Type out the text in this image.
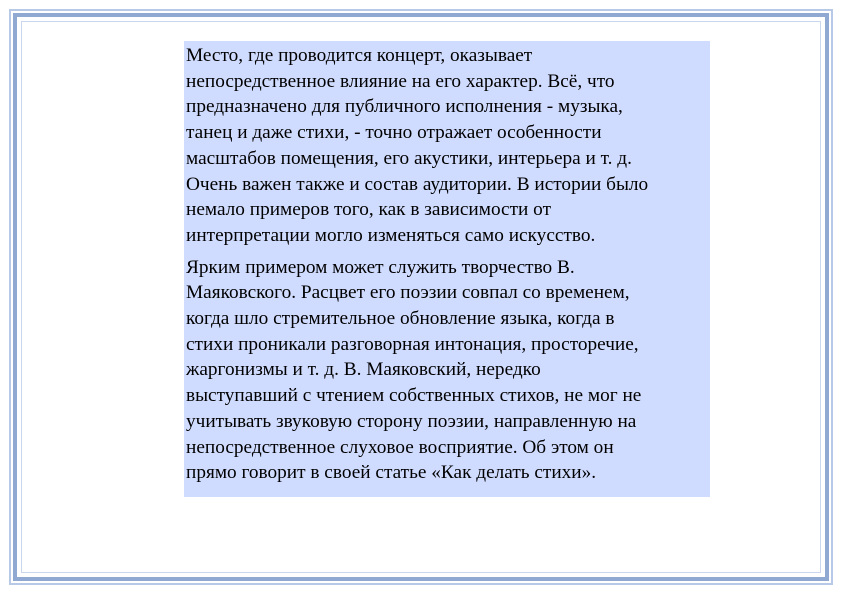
Место, где проводится концерт, оказывает
непосредственное влияние на его характер. Всё, что
предназначено для публичного исполнения - музыка,
танец и даже стихи, - точно отражает особенности
масштабов помещения, его акустики, интерьера и т. д.
Очень важен также и состав аудитории. В истории было
немало примеров того, как в зависимости от
интерпретации могло изменяться само искусство.

Ярким примером может служить творчество В.
Маяковского. Расцвет его поэзии совпал со временем,
когда шло стремительное обновление языка, когда в
стихи проникали разговорная интонация, просторечие,
жаргонизмы и т. д. В. Маяковский, нередко
выступавший с чтением собственных стихов, не мог не
учитывать звуковую сторону поэзии, направленную на
непосредственное слуховое восприятие. Об этом он
прямо говорит в своей статье «Как делать стихи».
